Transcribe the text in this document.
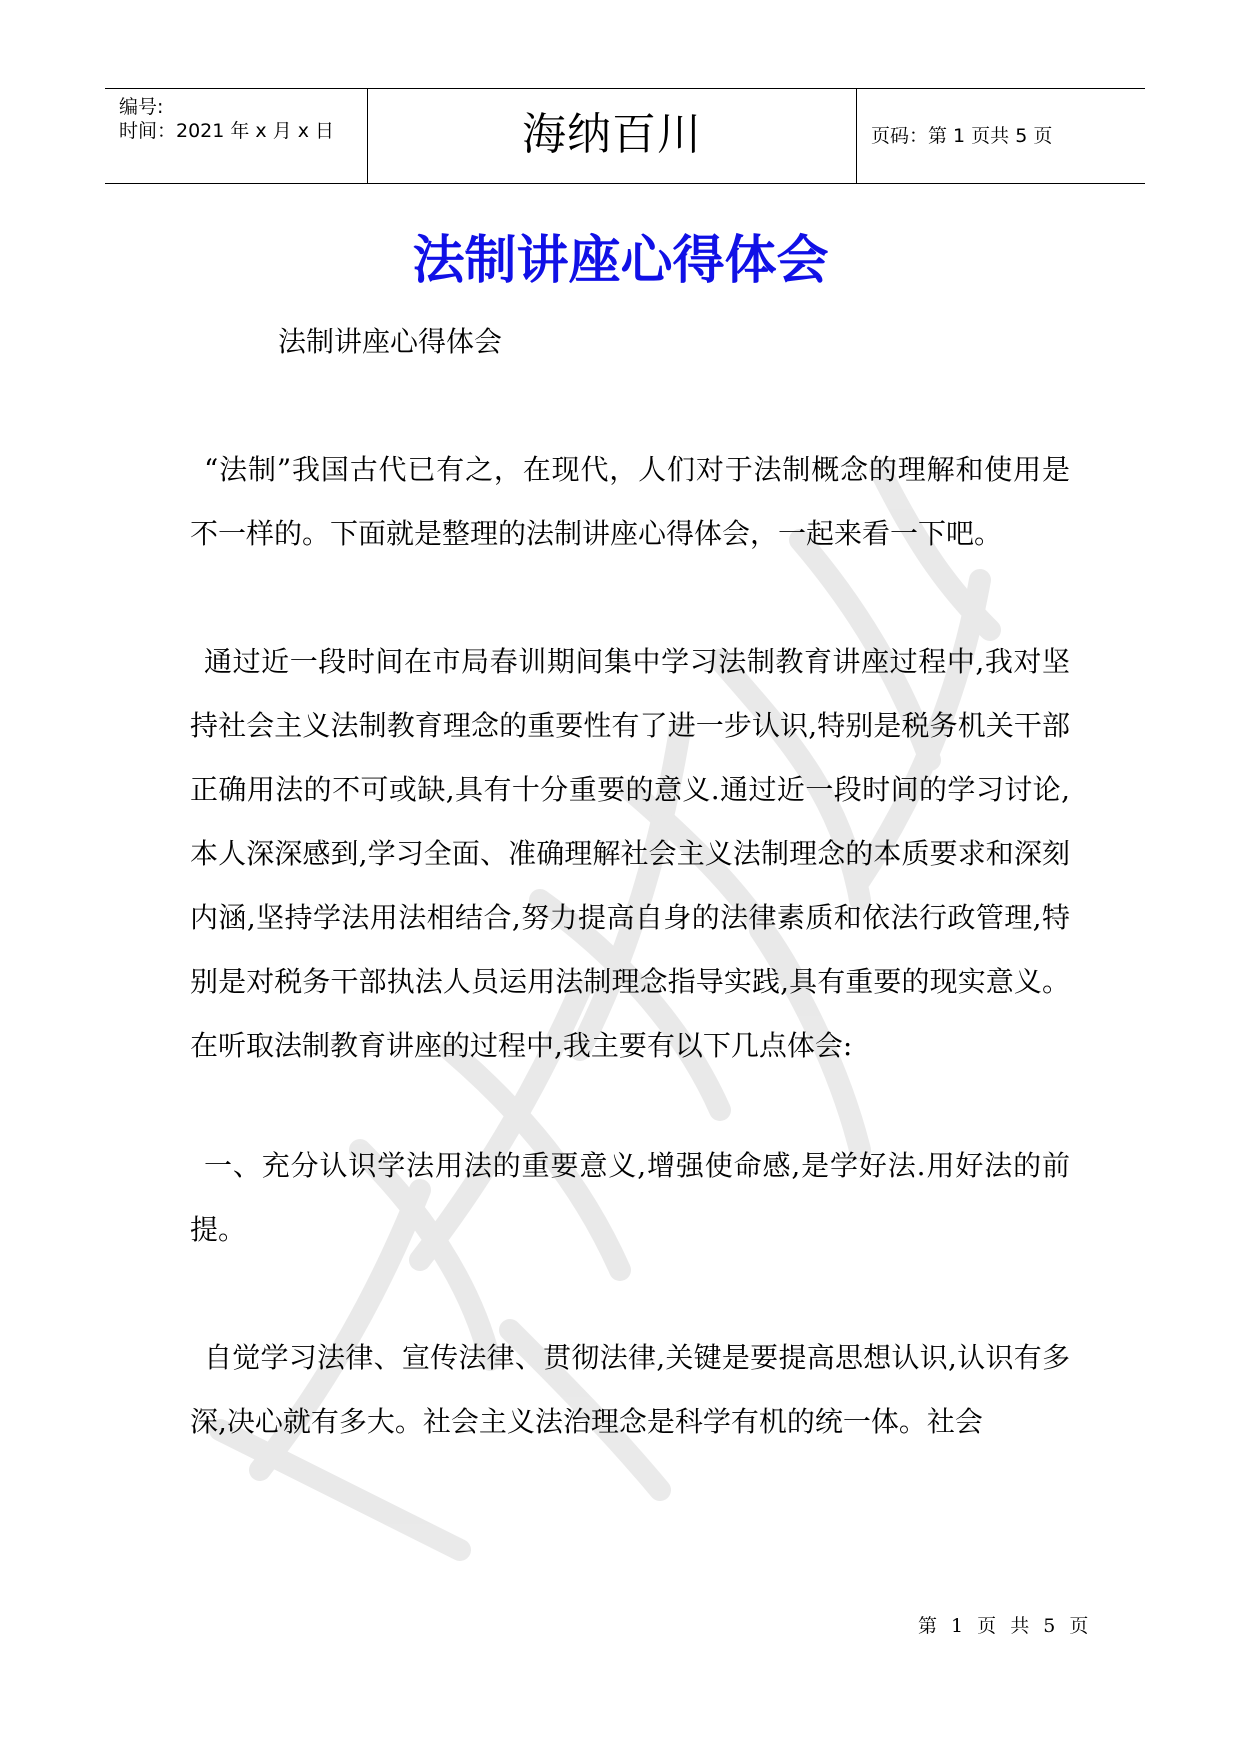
编号:
时间：2021 年 x 月 x 日	海纳百川	页码：第 1 页共 5 页
法制讲座心得体会
法制讲座心得体会

“法制”我国古代已有之，在现代，人们对于法制概念的理解和使用是不一样的。下面就是整理的法制讲座心得体会，一起来看一下吧。

通过近一段时间在市局春训期间集中学习法制教育讲座过程中,我对坚持社会主义法制教育理念的重要性有了进一步认识,特别是税务机关干部正确用法的不可或缺,具有十分重要的意义.通过近一段时间的学习讨论,本人深深感到,学习全面、准确理解社会主义法制理念的本质要求和深刻内涵,坚持学法用法相结合,努力提高自身的法律素质和依法行政管理,特别是对税务干部执法人员运用法制理念指导实践,具有重要的现实意义。在听取法制教育讲座的过程中,我主要有以下几点体会:

一、充分认识学法用法的重要意义,增强使命感,是学好法.用好法的前提。

自觉学习法律、宣传法律、贯彻法律,关键是要提高思想认识,认识有多深,决心就有多大。社会主义法治理念是科学有机的统一体。社会

第 1 页 共 5 页
